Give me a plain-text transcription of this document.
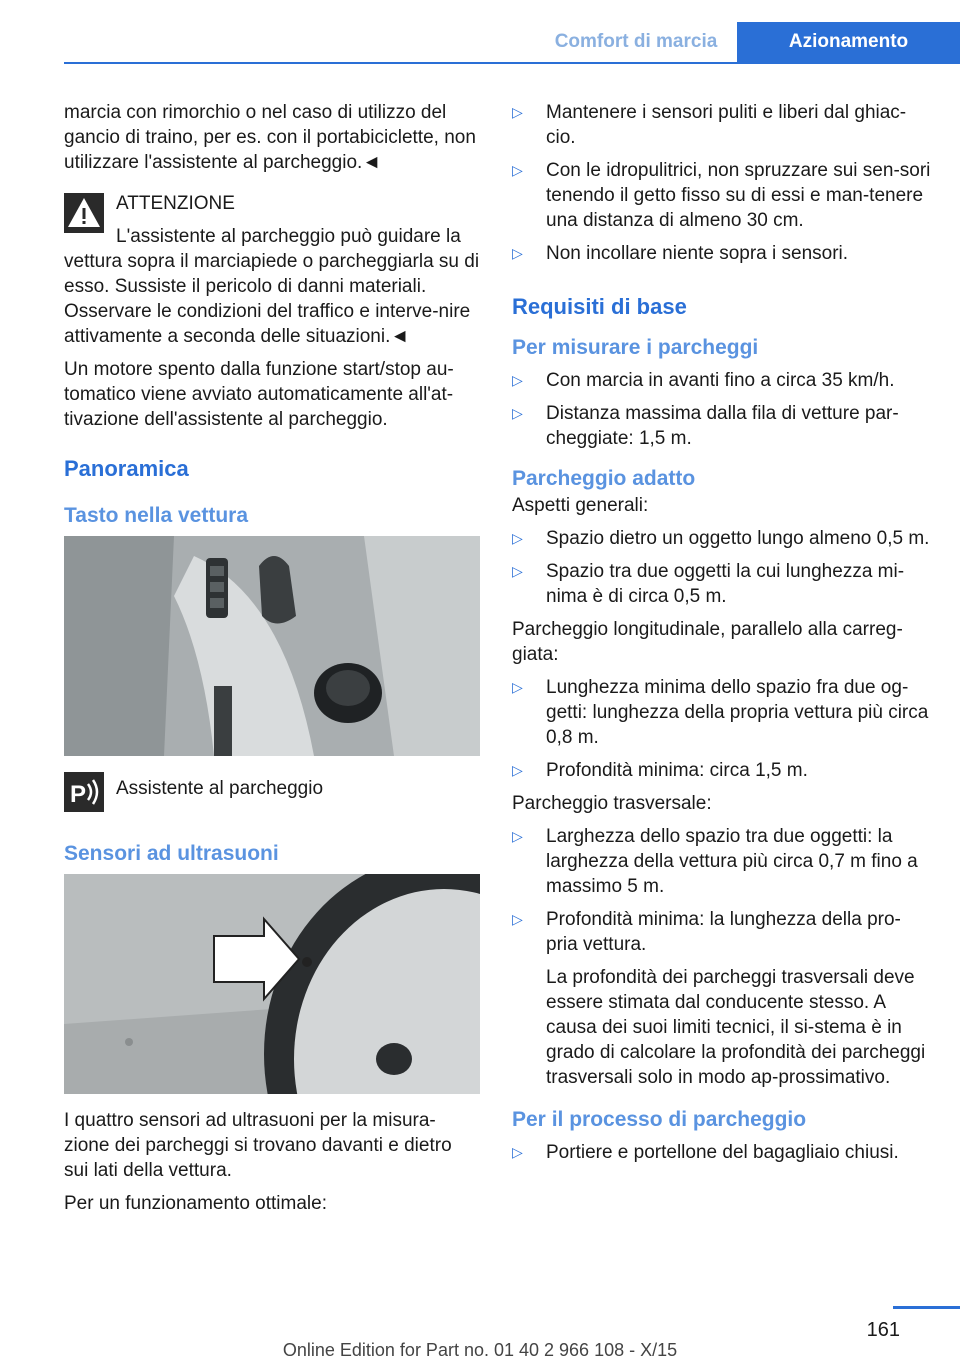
Comfort di marcia	Azionamento

marcia con rimorchio o nel caso di utilizzo del gancio di traino, per es. con il portabiciclette, non utilizzare l'assistente al parcheggio.◄

ATTENZIONE

L'assistente al parcheggio può guidare la vettura sopra il marciapiede o parcheggiarla su di esso. Sussiste il pericolo di danni materiali. Osservare le condizioni del traffico e interve‐nire attivamente a seconda delle situazioni.◄

Un motore spento dalla funzione start/stop au‐tomatico viene avviato automaticamente all'at‐tivazione dell'assistente al parcheggio.

Panoramica
Tasto nella vettura
P Assistente al parcheggio
Sensori ad ultrasuoni

I quattro sensori ad ultrasuoni per la misura‐zione dei parcheggi si trovano davanti e dietro sui lati della vettura.

Per un funzionamento ottimale:

▷ Mantenere i sensori puliti e liberi dal ghiac‐cio.

▷ Con le idropulitrici, non spruzzare sui sen‐sori tenendo il getto fisso su di essi e man‐tenere una distanza di almeno 30 cm.

▷ Non incollare niente sopra i sensori.

Requisiti di base
Per misurare i parcheggi
▷ Con marcia in avanti fino a circa 35 km/h.

▷ Distanza massima dalla fila di vetture par‐cheggiate: 1,5 m.

Parcheggio adatto

Aspetti generali:

▷ Spazio dietro un oggetto lungo almeno 0,5 m.

▷ Spazio tra due oggetti la cui lunghezza mi‐nima è di circa 0,5 m.

Parcheggio longitudinale, parallelo alla carreg‐giata:

▷ Lunghezza minima dello spazio fra due og‐getti: lunghezza della propria vettura più circa 0,8 m.

▷ Profondità minima: circa 1,5 m.

Parcheggio trasversale:

▷ Larghezza dello spazio tra due oggetti: la larghezza della vettura più circa 0,7 m fino a massimo 5 m.

▷ Profondità minima: la lunghezza della pro‐pria vettura.

La profondità dei parcheggi trasversali deve essere stimata dal conducente stesso. A causa dei suoi limiti tecnici, il si‐stema è in grado di calcolare la profondità dei parcheggi trasversali solo in modo ap‐prossimativo.

Per il processo di parcheggio
▷ Portiere e portellone del bagagliaio chiusi.

161
Online Edition for Part no. 01 40 2 966 108 - X/15
